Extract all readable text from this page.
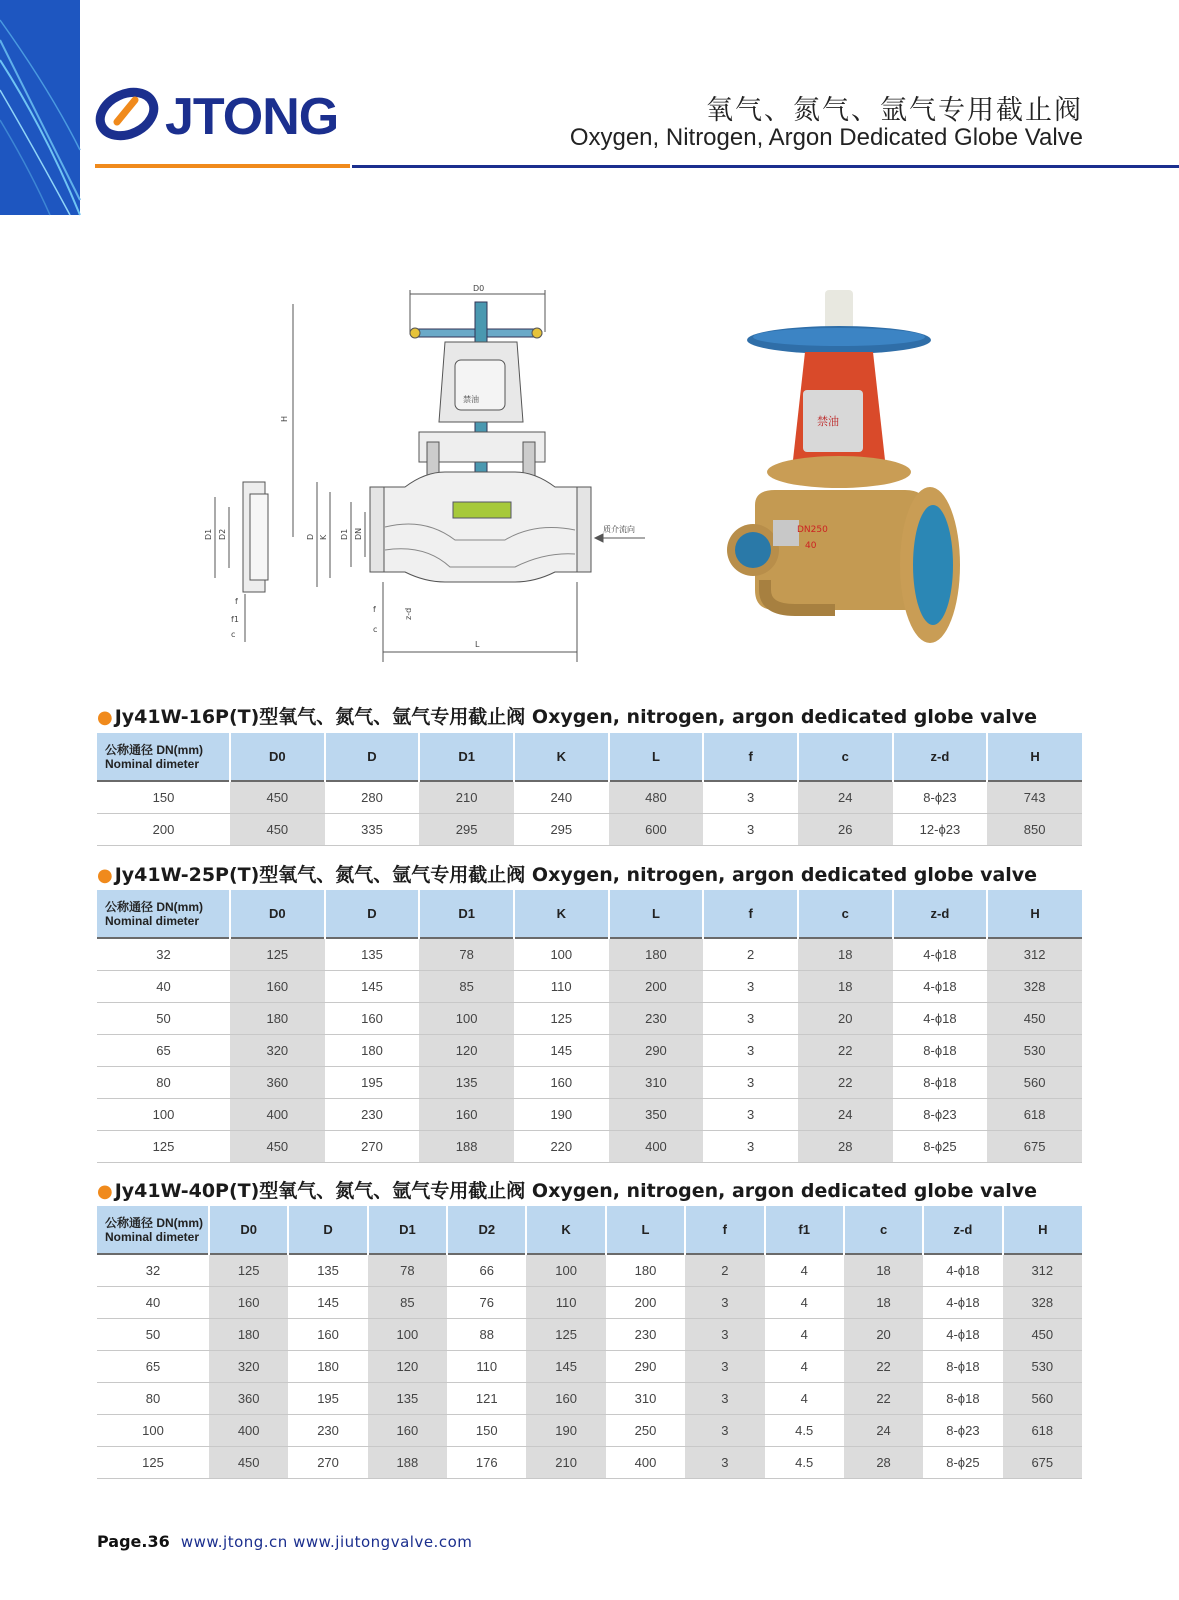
JTONG	氧气、氮气、氩气专用截止阀
Oxygen, Nitrogen, Argon Dedicated Globe Valve
D0
禁油
H
D1 D2	D K D1 DN	质介流向
L
f
c
z-d
f
f1
c
禁油
DN250
40
● Jy41W-16P(T)型氧气、氮气、氩气专用截止阀 Oxygen, nitrogen, argon dedicated globe valve
公称通径 DN(mm)
Nominal dimeter	D0	D	D1	K	L	f	c	z-d	H
150	450	280	210	240	480	3	24	8-ϕ23	743
200	450	335	295	295	600	3	26	12-ϕ23	850
● Jy41W-25P(T)型氧气、氮气、氩气专用截止阀 Oxygen, nitrogen, argon dedicated globe valve
公称通径 DN(mm)
Nominal dimeter	D0	D	D1	K	L	f	c	z-d	H
32	125	135	78	100	180	2	18	4-ϕ18	312
40	160	145	85	110	200	3	18	4-ϕ18	328
50	180	160	100	125	230	3	20	4-ϕ18	450
65	320	180	120	145	290	3	22	8-ϕ18	530
80	360	195	135	160	310	3	22	8-ϕ18	560
100	400	230	160	190	350	3	24	8-ϕ23	618
125	450	270	188	220	400	3	28	8-ϕ25	675
● Jy41W-40P(T)型氧气、氮气、氩气专用截止阀 Oxygen, nitrogen, argon dedicated globe valve
公称通径 DN(mm)
Nominal dimeter	D0	D	D1	D2	K	L	f	f1	c	z-d	H
32	125	135	78	66	100	180	2	4	18	4-ϕ18	312
40	160	145	85	76	110	200	3	4	18	4-ϕ18	328
50	180	160	100	88	125	230	3	4	20	4-ϕ18	450
65	320	180	120	110	145	290	3	4	22	8-ϕ18	530
80	360	195	135	121	160	310	3	4	22	8-ϕ18	560
100	400	230	160	150	190	250	3	4.5	24	8-ϕ23	618
125	450	270	188	176	210	400	3	4.5	28	8-ϕ25	675
Page.36 www.jtong.cn www.jiutongvalve.com
